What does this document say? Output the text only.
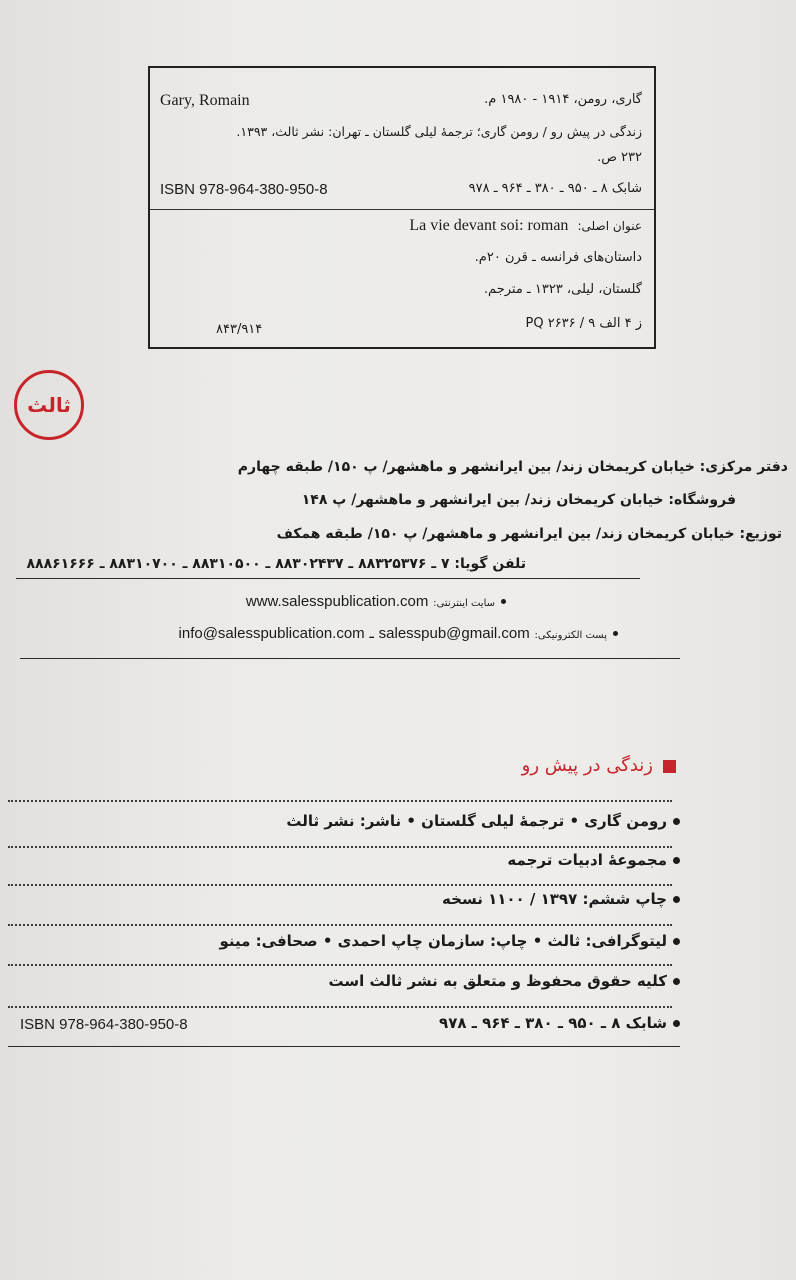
Gary, Romain	گاری، رومن، ۱۹۱۴ - ۱۹۸۰ م.
زندگی در پیش رو / رومن گاری؛ ترجمهٔ لیلی گلستان ـ تهران: نشر ثالث، ۱۳۹۳.
۲۳۲ ص.
ISBN 978-964-380-950-8	شابک ۸ ـ ۹۵۰ ـ ۳۸۰ ـ ۹۶۴ ـ ۹۷۸
عنوان اصلی: La vie devant soi: roman
داستان‌های فرانسه ـ قرن ۲۰م.
گلستان، لیلی، ۱۳۲۳ ـ مترجم.
PQ ۲۶۳۶ / ۹ ز ۴ الف
۸۴۳/۹۱۴
ثالث
دفتر مرکزی: خیابان کریمخان زند/ بین ایرانشهر و ماهشهر/ پ ۱۵۰/ طبقه چهارم
فروشگاه: خیابان کریمخان زند/ بین ایرانشهر و ماهشهر/ پ ۱۴۸
توزیع: خیابان کریمخان زند/ بین ایرانشهر و ماهشهر/ پ ۱۵۰/ طبقه همکف
تلفن گویا: ۷ ـ ۸۸۳۲۵۳۷۶ ـ ۸۸۳۰۲۴۳۷ ـ ۸۸۳۱۰۵۰۰ ـ ۸۸۳۱۰۷۰۰ ـ ۸۸۸۶۱۶۶۶
سایت اینترنتی: www.salesspublication.com
پست الکترونیکی: salesspub@gmail.com ـ info@salesspublication.com
زندگی در پیش رو
رومن گاری • ترجمهٔ لیلی گلستان • ناشر: نشر ثالث
مجموعهٔ ادبیات ترجمه
چاپ ششم: ۱۳۹۷ / ۱۱۰۰ نسخه
لیتوگرافی: ثالث • چاپ: سازمان چاپ احمدی • صحافی: مینو
کلیه حقوق محفوظ و متعلق به نشر ثالث است
شابک ۸ ـ ۹۵۰ ـ ۳۸۰ ـ ۹۶۴ ـ ۹۷۸
ISBN 978-964-380-950-8
